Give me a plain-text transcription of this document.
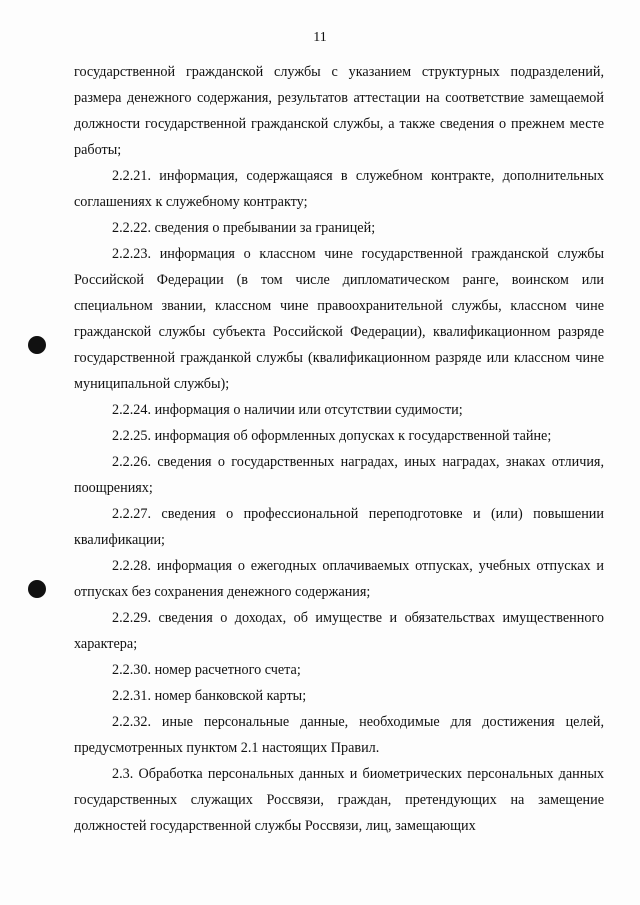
11

государственной гражданской службы с указанием структурных подразделений, размера денежного содержания, результатов аттестации на соответствие замещаемой должности государственной гражданской службы, а также сведения о прежнем месте работы;

2.2.21. информация, содержащаяся в служебном контракте, дополнительных соглашениях к служебному контракту;

2.2.22. сведения о пребывании за границей;

2.2.23. информация о классном чине государственной гражданской службы Российской Федерации (в том числе дипломатическом ранге, воинском или специальном звании, классном чине правоохранительной службы, классном чине гражданской службы субъекта Российской Федерации), квалификационном разряде государственной гражданкой службы (квалификационном разряде или классном чине муниципальной службы);

2.2.24. информация о наличии или отсутствии судимости;

2.2.25. информация об оформленных допусках к государственной тайне;

2.2.26. сведения о государственных наградах, иных наградах, знаках отличия, поощрениях;

2.2.27. сведения о профессиональной переподготовке и (или) повышении квалификации;

2.2.28. информация о ежегодных оплачиваемых отпусках, учебных отпусках и отпусках без сохранения денежного содержания;

2.2.29. сведения о доходах, об имуществе и обязательствах имущественного характера;

2.2.30. номер расчетного счета;

2.2.31. номер банковской карты;

2.2.32. иные персональные данные, необходимые для достижения целей, предусмотренных пунктом 2.1 настоящих Правил.

2.3. Обработка персональных данных и биометрических персональных данных государственных служащих Россвязи, граждан, претендующих на замещение должностей государственной службы Россвязи, лиц, замещающих
